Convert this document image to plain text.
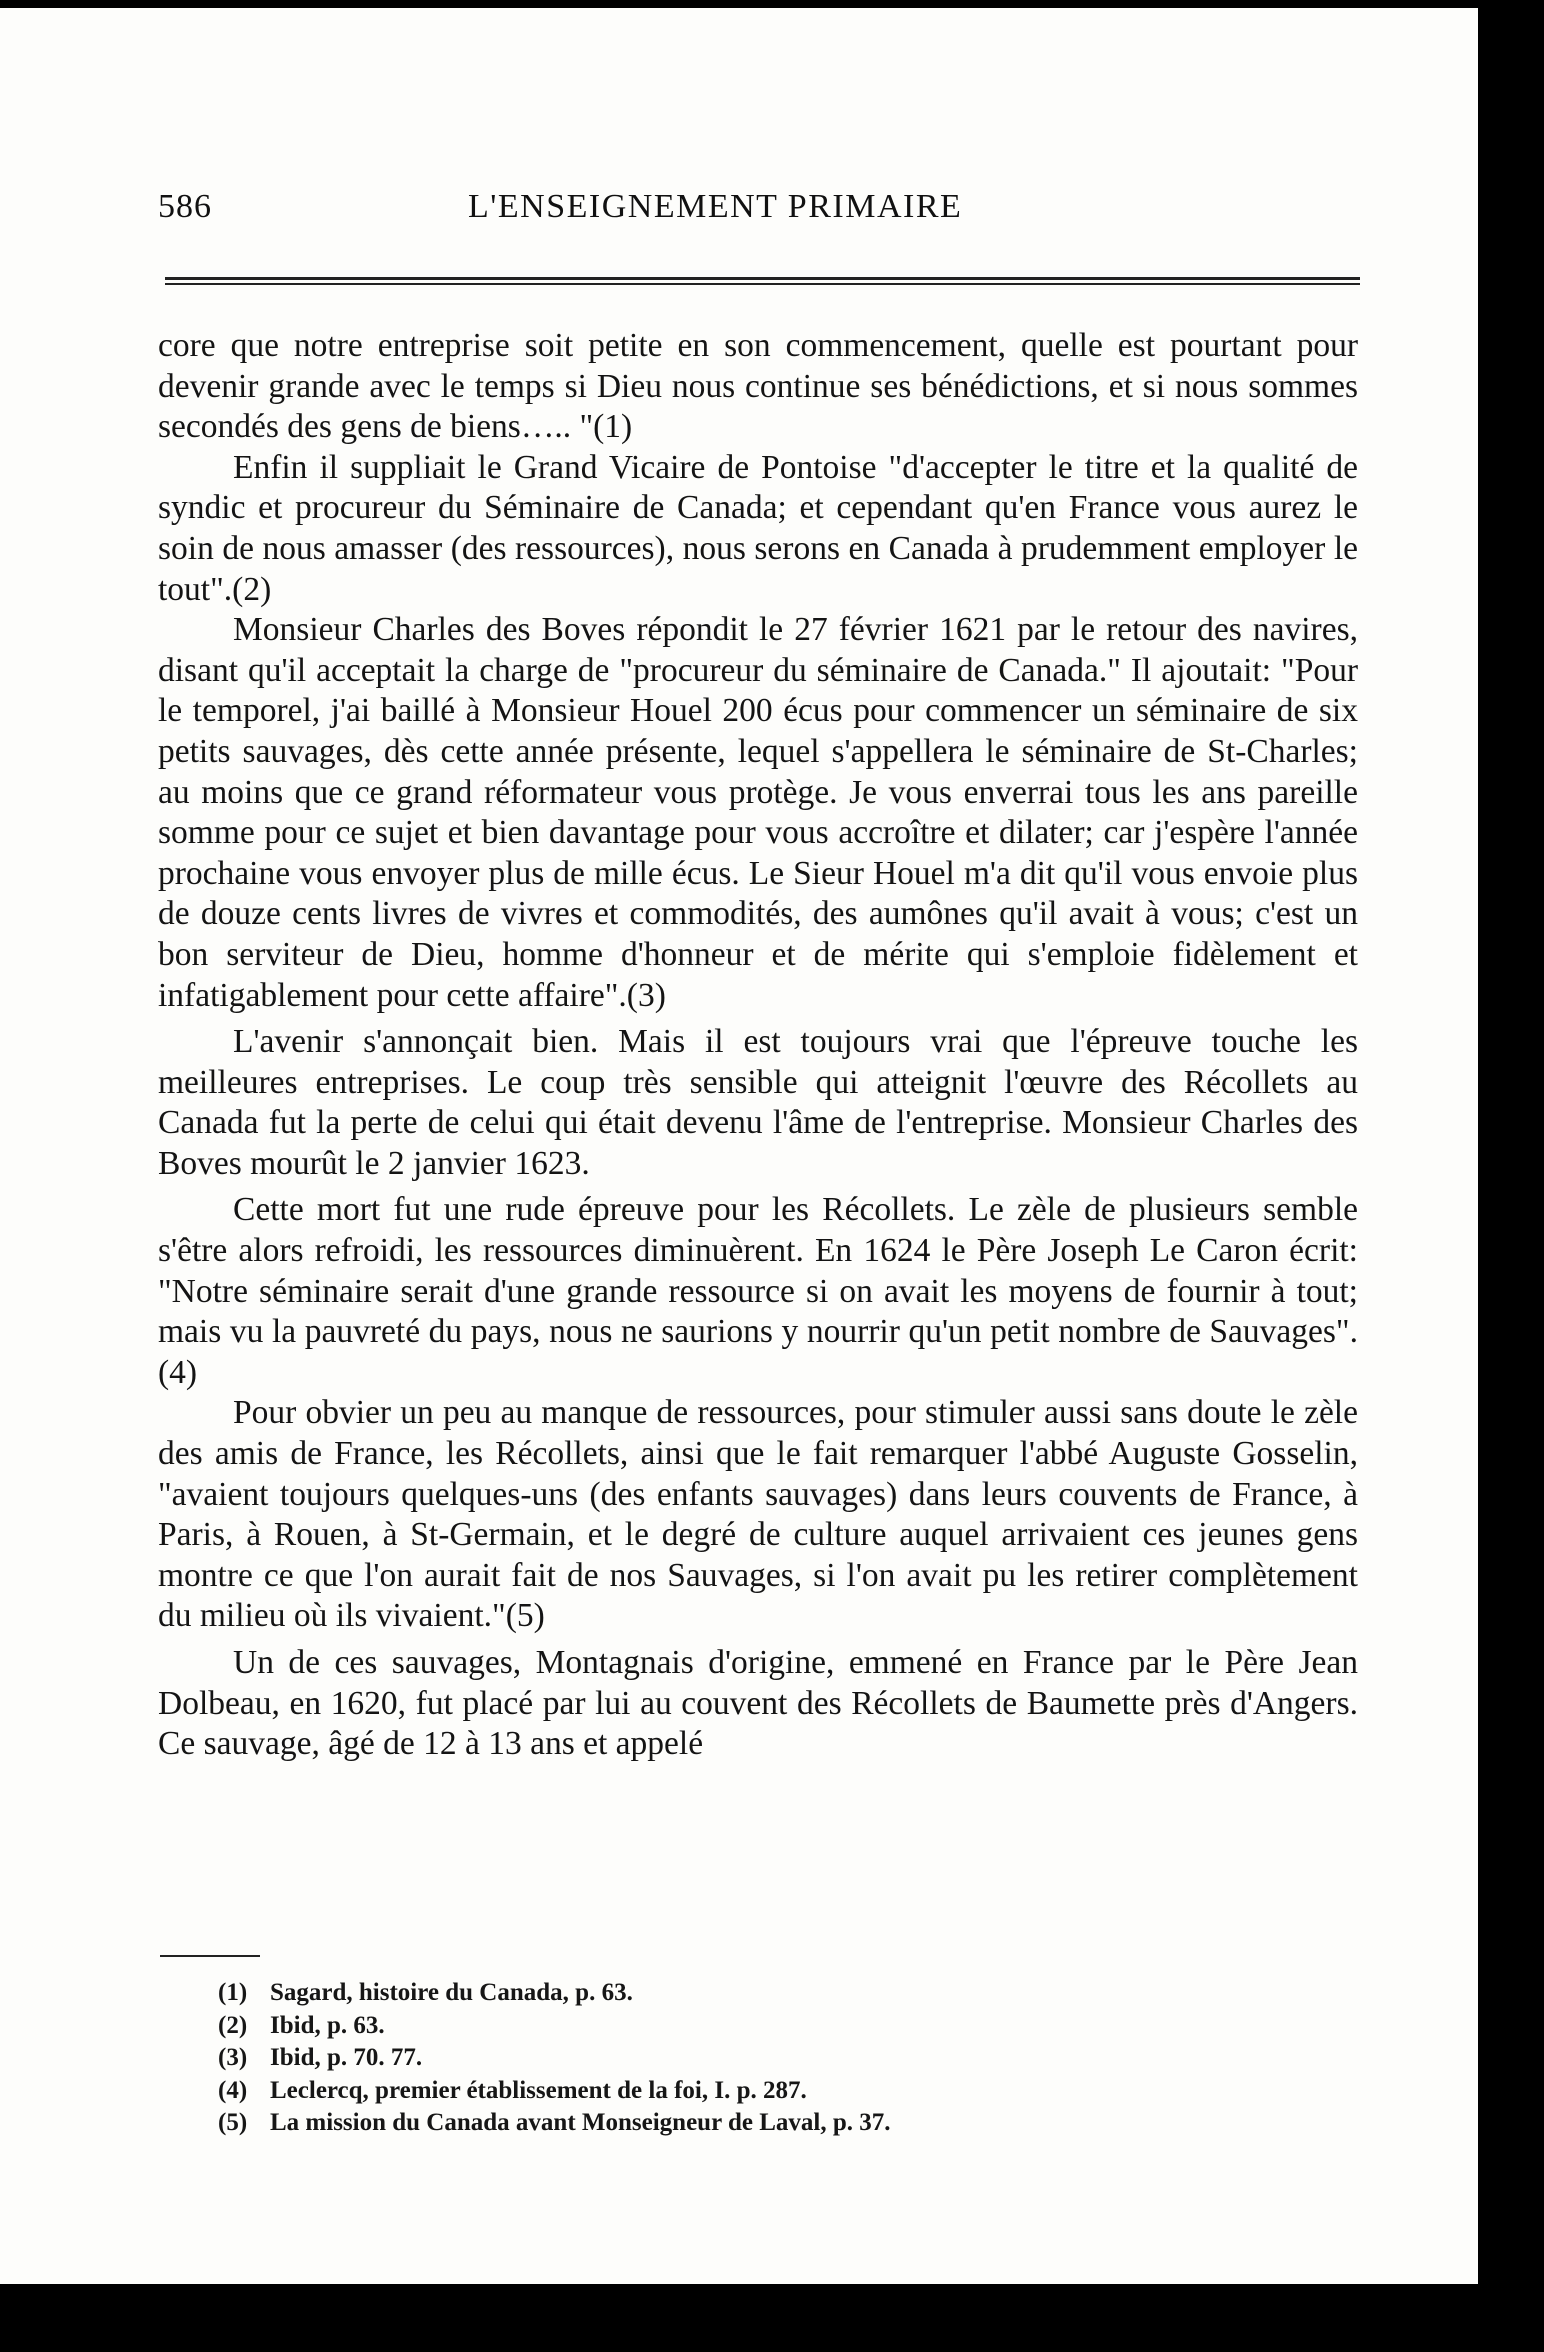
586	L'ENSEIGNEMENT PRIMAIRE

core que notre entreprise soit petite en son commencement, quelle est pourtant pour devenir grande avec le temps si Dieu nous continue ses bénédictions, et si nous sommes secondés des gens de biens….. "(1)

Enfin il suppliait le Grand Vicaire de Pontoise "d'accepter le titre et la qualité de syndic et procureur du Séminaire de Canada; et cependant qu'en France vous aurez le soin de nous amasser (des ressources), nous serons en Canada à prudemment employer le tout".(2)

Monsieur Charles des Boves répondit le 27 février 1621 par le retour des navires, disant qu'il acceptait la charge de "procureur du séminaire de Canada." Il ajoutait: "Pour le temporel, j'ai baillé à Monsieur Houel 200 écus pour commencer un séminaire de six petits sauvages, dès cette année présente, lequel s'appellera le séminaire de St-Charles; au moins que ce grand réformateur vous protège. Je vous enverrai tous les ans pareille somme pour ce sujet et bien davantage pour vous accroître et dilater; car j'espère l'année prochaine vous envoyer plus de mille écus. Le Sieur Houel m'a dit qu'il vous envoie plus de douze cents livres de vivres et commodités, des aumônes qu'il avait à vous; c'est un bon serviteur de Dieu, homme d'honneur et de mérite qui s'emploie fidèlement et infatigablement pour cette affaire".(3)

L'avenir s'annonçait bien. Mais il est toujours vrai que l'épreuve touche les meilleures entreprises. Le coup très sensible qui atteignit l'œuvre des Récollets au Canada fut la perte de celui qui était devenu l'âme de l'entreprise. Monsieur Charles des Boves mourût le 2 janvier 1623.

Cette mort fut une rude épreuve pour les Récollets. Le zèle de plusieurs semble s'être alors refroidi, les ressources diminuèrent. En 1624 le Père Joseph Le Caron écrit: "Notre séminaire serait d'une grande ressource si on avait les moyens de fournir à tout; mais vu la pauvreté du pays, nous ne saurions y nourrir qu'un petit nombre de Sauvages".(4)

Pour obvier un peu au manque de ressources, pour stimuler aussi sans doute le zèle des amis de France, les Récollets, ainsi que le fait remarquer l'abbé Auguste Gosselin, "avaient toujours quelques-uns (des enfants sauvages) dans leurs couvents de France, à Paris, à Rouen, à St-Germain, et le degré de culture auquel arrivaient ces jeunes gens montre ce que l'on aurait fait de nos Sauvages, si l'on avait pu les retirer complètement du milieu où ils vivaient."(5)

Un de ces sauvages, Montagnais d'origine, emmené en France par le Père Jean Dolbeau, en 1620, fut placé par lui au couvent des Récollets de Baumette près d'Angers. Ce sauvage, âgé de 12 à 13 ans et appelé

(1) Sagard, histoire du Canada, p. 63.
(2) Ibid, p. 63.
(3) Ibid, p. 70. 77.
(4) Leclercq, premier établissement de la foi, I. p. 287.
(5) La mission du Canada avant Monseigneur de Laval, p. 37.
